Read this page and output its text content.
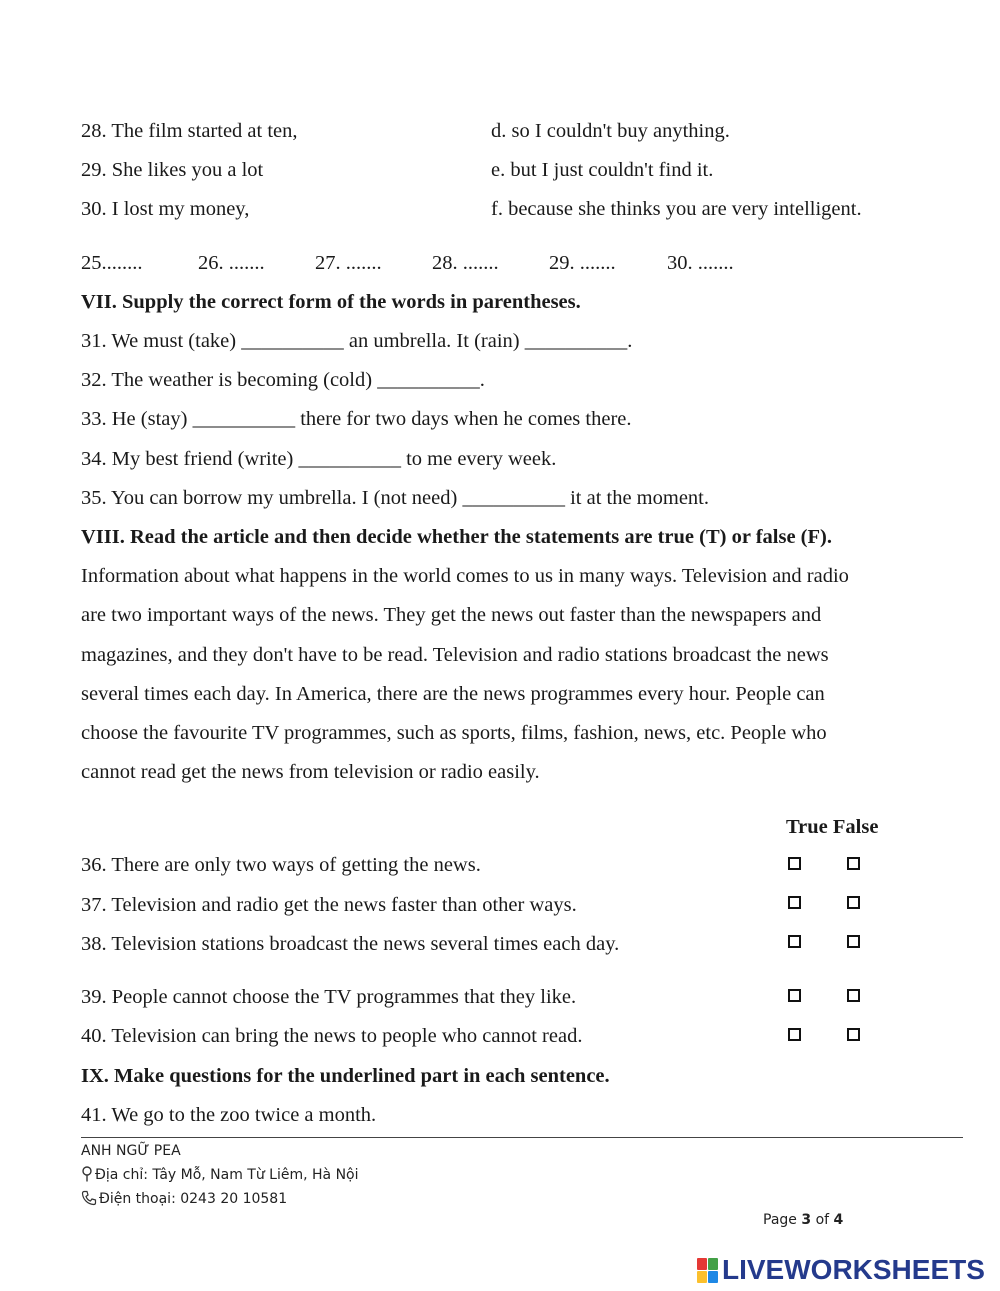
28. The film started at ten,	d. so I couldn't buy anything.
29. She likes you a lot	e. but I just couldn't find it.
30. I lost my money,	f. because she thinks you are very intelligent.
25........	26. ....... 27. ....... 28. ....... 29. .......	30. .......
VII. Supply the correct form of the words in parentheses.
31. We must (take) __________ an umbrella. It (rain) __________.
32. The weather is becoming (cold) __________.
33. He (stay) __________ there for two days when he comes there.
34. My best friend (write) __________ to me every week.
35. You can borrow my umbrella. I (not need) __________ it at the moment.
VIII. Read the article and then decide whether the statements are true (T) or false (F).
Information about what happens in the world comes to us in many ways. Television and radio
are two important ways of the news. They get the news out faster than the newspapers and
magazines, and they don't have to be read. Television and radio stations broadcast the news
several times each day. In America, there are the news programmes every hour. People can
choose the favourite TV programmes, such as sports, films, fashion, news, etc. People who
cannot read get the news from television or radio easily.
True False
36. There are only two ways of getting the news.
37. Television and radio get the news faster than other ways.
38. Television stations broadcast the news several times each day.
39. People cannot choose the TV programmes that they like.
40. Television can bring the news to people who cannot read.
IX. Make questions for the underlined part in each sentence.
41. We go to the zoo twice a month.
ANH NGỮ PEA
Địa chỉ: Tây Mỗ, Nam Từ Liêm, Hà Nội
Điện thoại: 0243 20 10581
Page 3 of 4
LIVEWORKSHEETS
